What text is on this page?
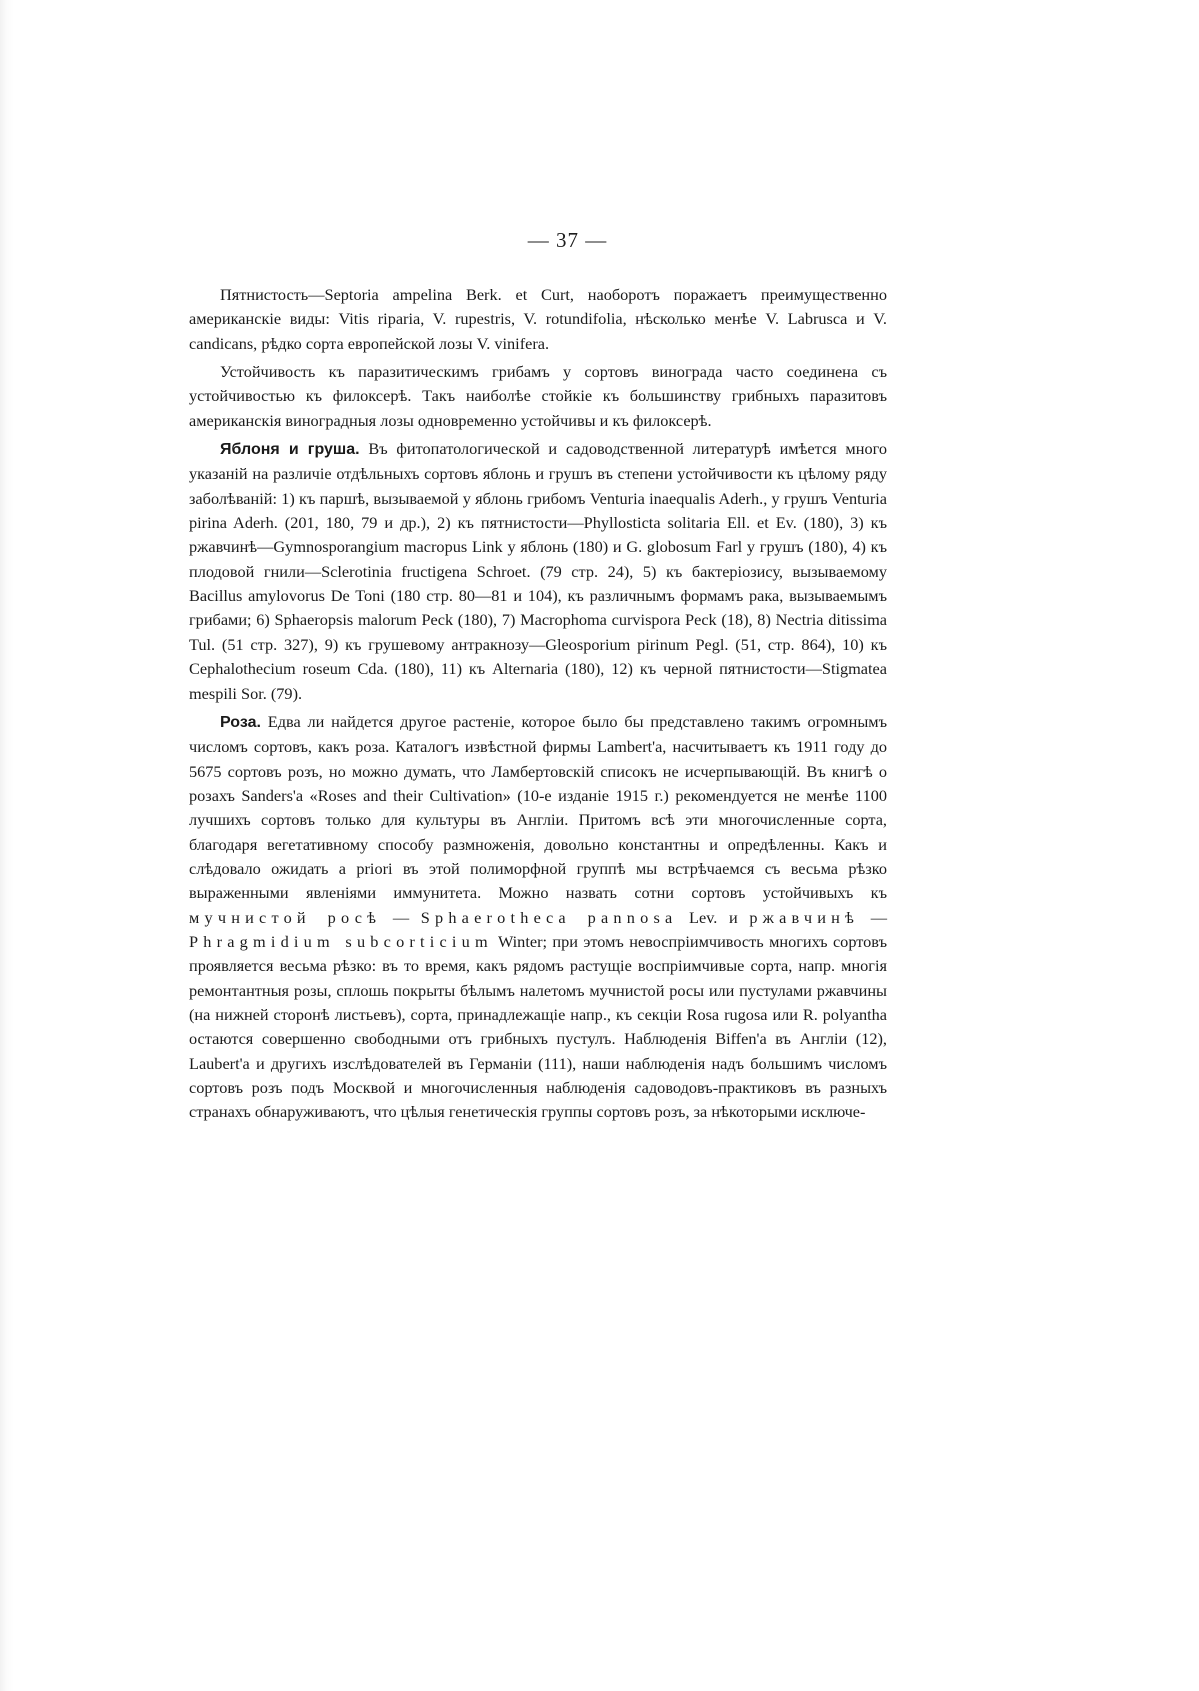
— 37 —

Пятнистость—Septoria ampelina Berk. et Curt, наоборотъ поражаетъ преимущественно американскіе виды: Vitis riparia, V. rupestris, V. rotundifolia, нѣсколько менѣе V. Labrusca и V. candicans, рѣдко сорта европейской лозы V. vinifera.

Устойчивость къ паразитическимъ грибамъ у сортовъ винограда часто соединена съ устойчивостью къ филоксерѣ. Такъ наиболѣе стойкіе къ большинству грибныхъ паразитовъ американскія виноградныя лозы одновременно устойчивы и къ филоксерѣ.

Яблоня и груша. Въ фитопатологической и садоводственной литературѣ имѣется много указаній на различіе отдѣльныхъ сортовъ яблонь и грушъ въ степени устойчивости къ цѣлому ряду заболѣваній: 1) къ паршѣ, вызываемой у яблонь грибомъ Venturia inaequalis Aderh., у грушъ Venturia pirina Aderh. (201, 180, 79 и др.), 2) къ пятнистости—Phyllosticta solitaria Ell. et Ev. (180), 3) къ ржавчинѣ—Gymnosporangium macropus Link у яблонь (180) и G. globosum Farl у грушъ (180), 4) къ плодовой гнили—Sclerotinia fructigena Schroet. (79 стр. 24), 5) къ бактеріозису, вызываемому Bacillus amylovorus De Toni (180 стр. 80—81 и 104), къ различнымъ формамъ рака, вызываемымъ грибами; 6) Sphaeropsis malorum Peck (180), 7) Macrophoma curvispora Peck (18), 8) Nectria ditissima Tul. (51 стр. 327), 9) къ грушевому антракнозу—Gleosporium pirinum Pegl. (51, стр. 864), 10) къ Cephalothecium roseum Cda. (180), 11) къ Alternaria (180), 12) къ черной пятнистости—Stigmatea mespili Sor. (79).

Роза. Едва ли найдется другое растеніе, которое было бы представлено такимъ огромнымъ числомъ сортовъ, какъ роза. Каталогъ извѣстной фирмы Lambert'а, насчитываетъ къ 1911 году до 5675 сортовъ розъ, но можно думать, что Ламбертовскій списокъ не исчерпывающій. Въ книгѣ о розахъ Sanders'а «Roses and their Cultivation» (10-е изданіе 1915 г.) рекомендуется не менѣе 1100 лучшихъ сортовъ только для культуры въ Англіи. Притомъ всѣ эти многочисленные сорта, благодаря вегетативному способу размноженія, довольно константны и опредѣленны. Какъ и слѣдовало ожидать a priori въ этой полиморфной группѣ мы встрѣчаемся съ весьма рѣзко выраженными явленіями иммунитета. Можно назвать сотни сортовъ устойчивыхъ къ мучнистой росѣ — Sphaerotheca pannosa Lev. и ржавчинѣ — Phragmidium subcorticium Winter; при этомъ невоспріимчивость многихъ сортовъ проявляется весьма рѣзко: въ то время, какъ рядомъ растущіе воспріимчивые сорта, напр. многія ремонтантныя розы, сплошь покрыты бѣлымъ налетомъ мучнистой росы или пустулами ржавчины (на нижней сторонѣ листьевъ), сорта, принадлежащіе напр., къ секціи Rosa rugosa или R. polyantha остаются совершенно свободными отъ грибныхъ пустулъ. Наблюденія Biffen'а въ Англіи (12), Laubert'а и другихъ изслѣдователей въ Германіи (111), наши наблюденія надъ большимъ числомъ сортовъ розъ подъ Москвой и многочисленныя наблюденія садоводовъ-практиковъ въ разныхъ странахъ обнаруживаютъ, что цѣлыя генетическія группы сортовъ розъ, за нѣкоторыми исключе-
